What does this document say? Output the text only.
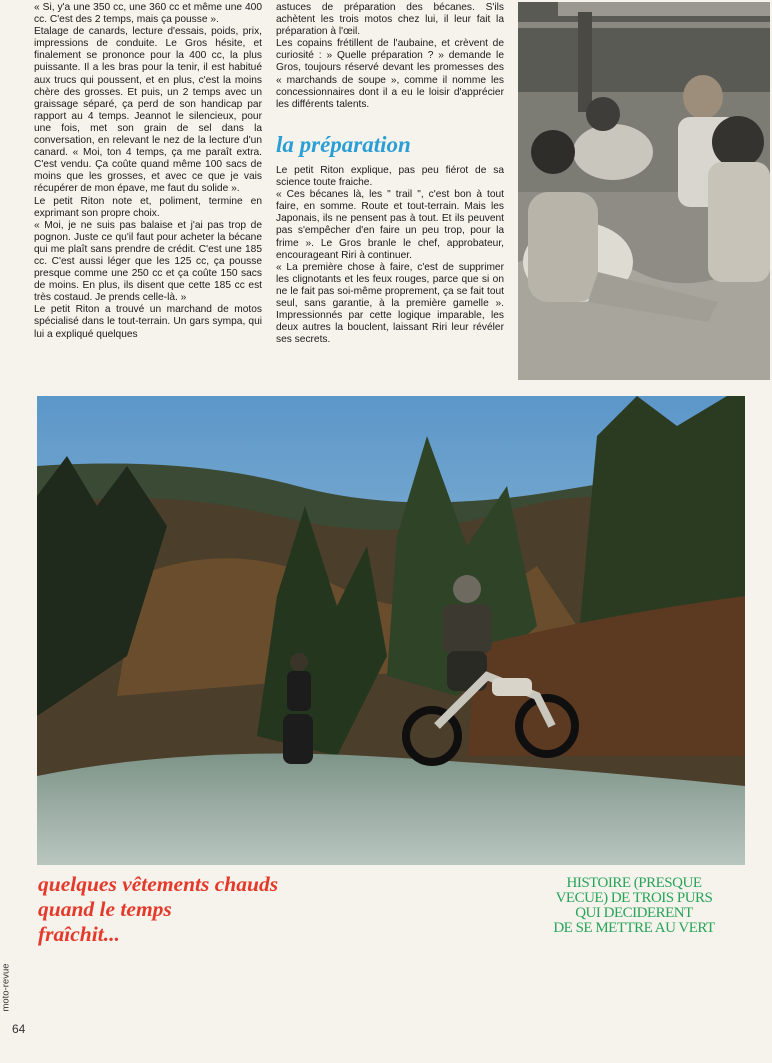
« Si, y'a une 350 cc, une 360 cc et même une 400 cc. C'est des 2 temps, mais ça pousse ».

Etalage de canards, lecture d'essais, poids, prix, impressions de conduite. Le Gros hésite, et finalement se prononce pour la 400 cc, la plus puissante. Il a les bras pour la tenir, il est habitué aux trucs qui poussent, et en plus, c'est la moins chère des grosses. Et puis, un 2 temps avec un graissage séparé, ça perd de son handicap par rapport au 4 temps. Jeannot le silencieux, pour une fois, met son grain de sel dans la conversation, en relevant le nez de la lecture d'un canard. « Moi, ton 4 temps, ça me paraît extra. C'est vendu. Ça coûte quand même 100 sacs de moins que les grosses, et avec ce que je vais récupérer de mon épave, me faut du solide ».

Le petit Riton note et, poliment, termine en exprimant son propre choix.

« Moi, je ne suis pas balaise et j'ai pas trop de pognon. Juste ce qu'il faut pour acheter la bécane qui me plaît sans prendre de crédit. C'est une 185 cc. C'est aussi léger que les 125 cc, ça pousse presque comme une 250 cc et ça coûte 150 sacs de moins. En plus, ils disent que cette 185 cc est très costaud. Je prends celle-là. »

Le petit Riton a trouvé un marchand de motos spécialisé dans le tout-terrain. Un gars sympa, qui lui a expliqué quelques

astuces de préparation des bécanes. S'ils achètent les trois motos chez lui, il leur fait la préparation à l'œil.

Les copains frétillent de l'aubaine, et crèvent de curiosité : » Quelle préparation ? » demande le Gros, toujours réservé devant les promesses des « marchands de soupe », comme il nomme les concessionnaires dont il a eu le loisir d'apprécier les différents talents.

la préparation

Le petit Riton explique, pas peu fiérot de sa science toute fraiche.

« Ces bécanes là, les " trail ", c'est bon à tout faire, en somme. Route et tout-terrain. Mais les Japonais, ils ne pensent pas à tout. Et ils peuvent pas s'empêcher d'en faire un peu trop, pour la frime ». Le Gros branle le chef, approbateur, encourageant Riri à continuer.

« La première chose à faire, c'est de supprimer les clignotants et les feux rouges, parce que si on ne le fait pas soi-même proprement, ça se fait tout seul, sans garantie, à la première gamelle ». Impressionnés par cette logique imparable, les deux autres la bouclent, laissant Riri leur révéler ses secrets.

quelques vêtements chauds
quand le temps
fraîchit...
HISTOIRE (PRESQUE
VECUE) DE TROIS PURS
QUI DECIDERENT
DE SE METTRE AU VERT
moto-revue
64
